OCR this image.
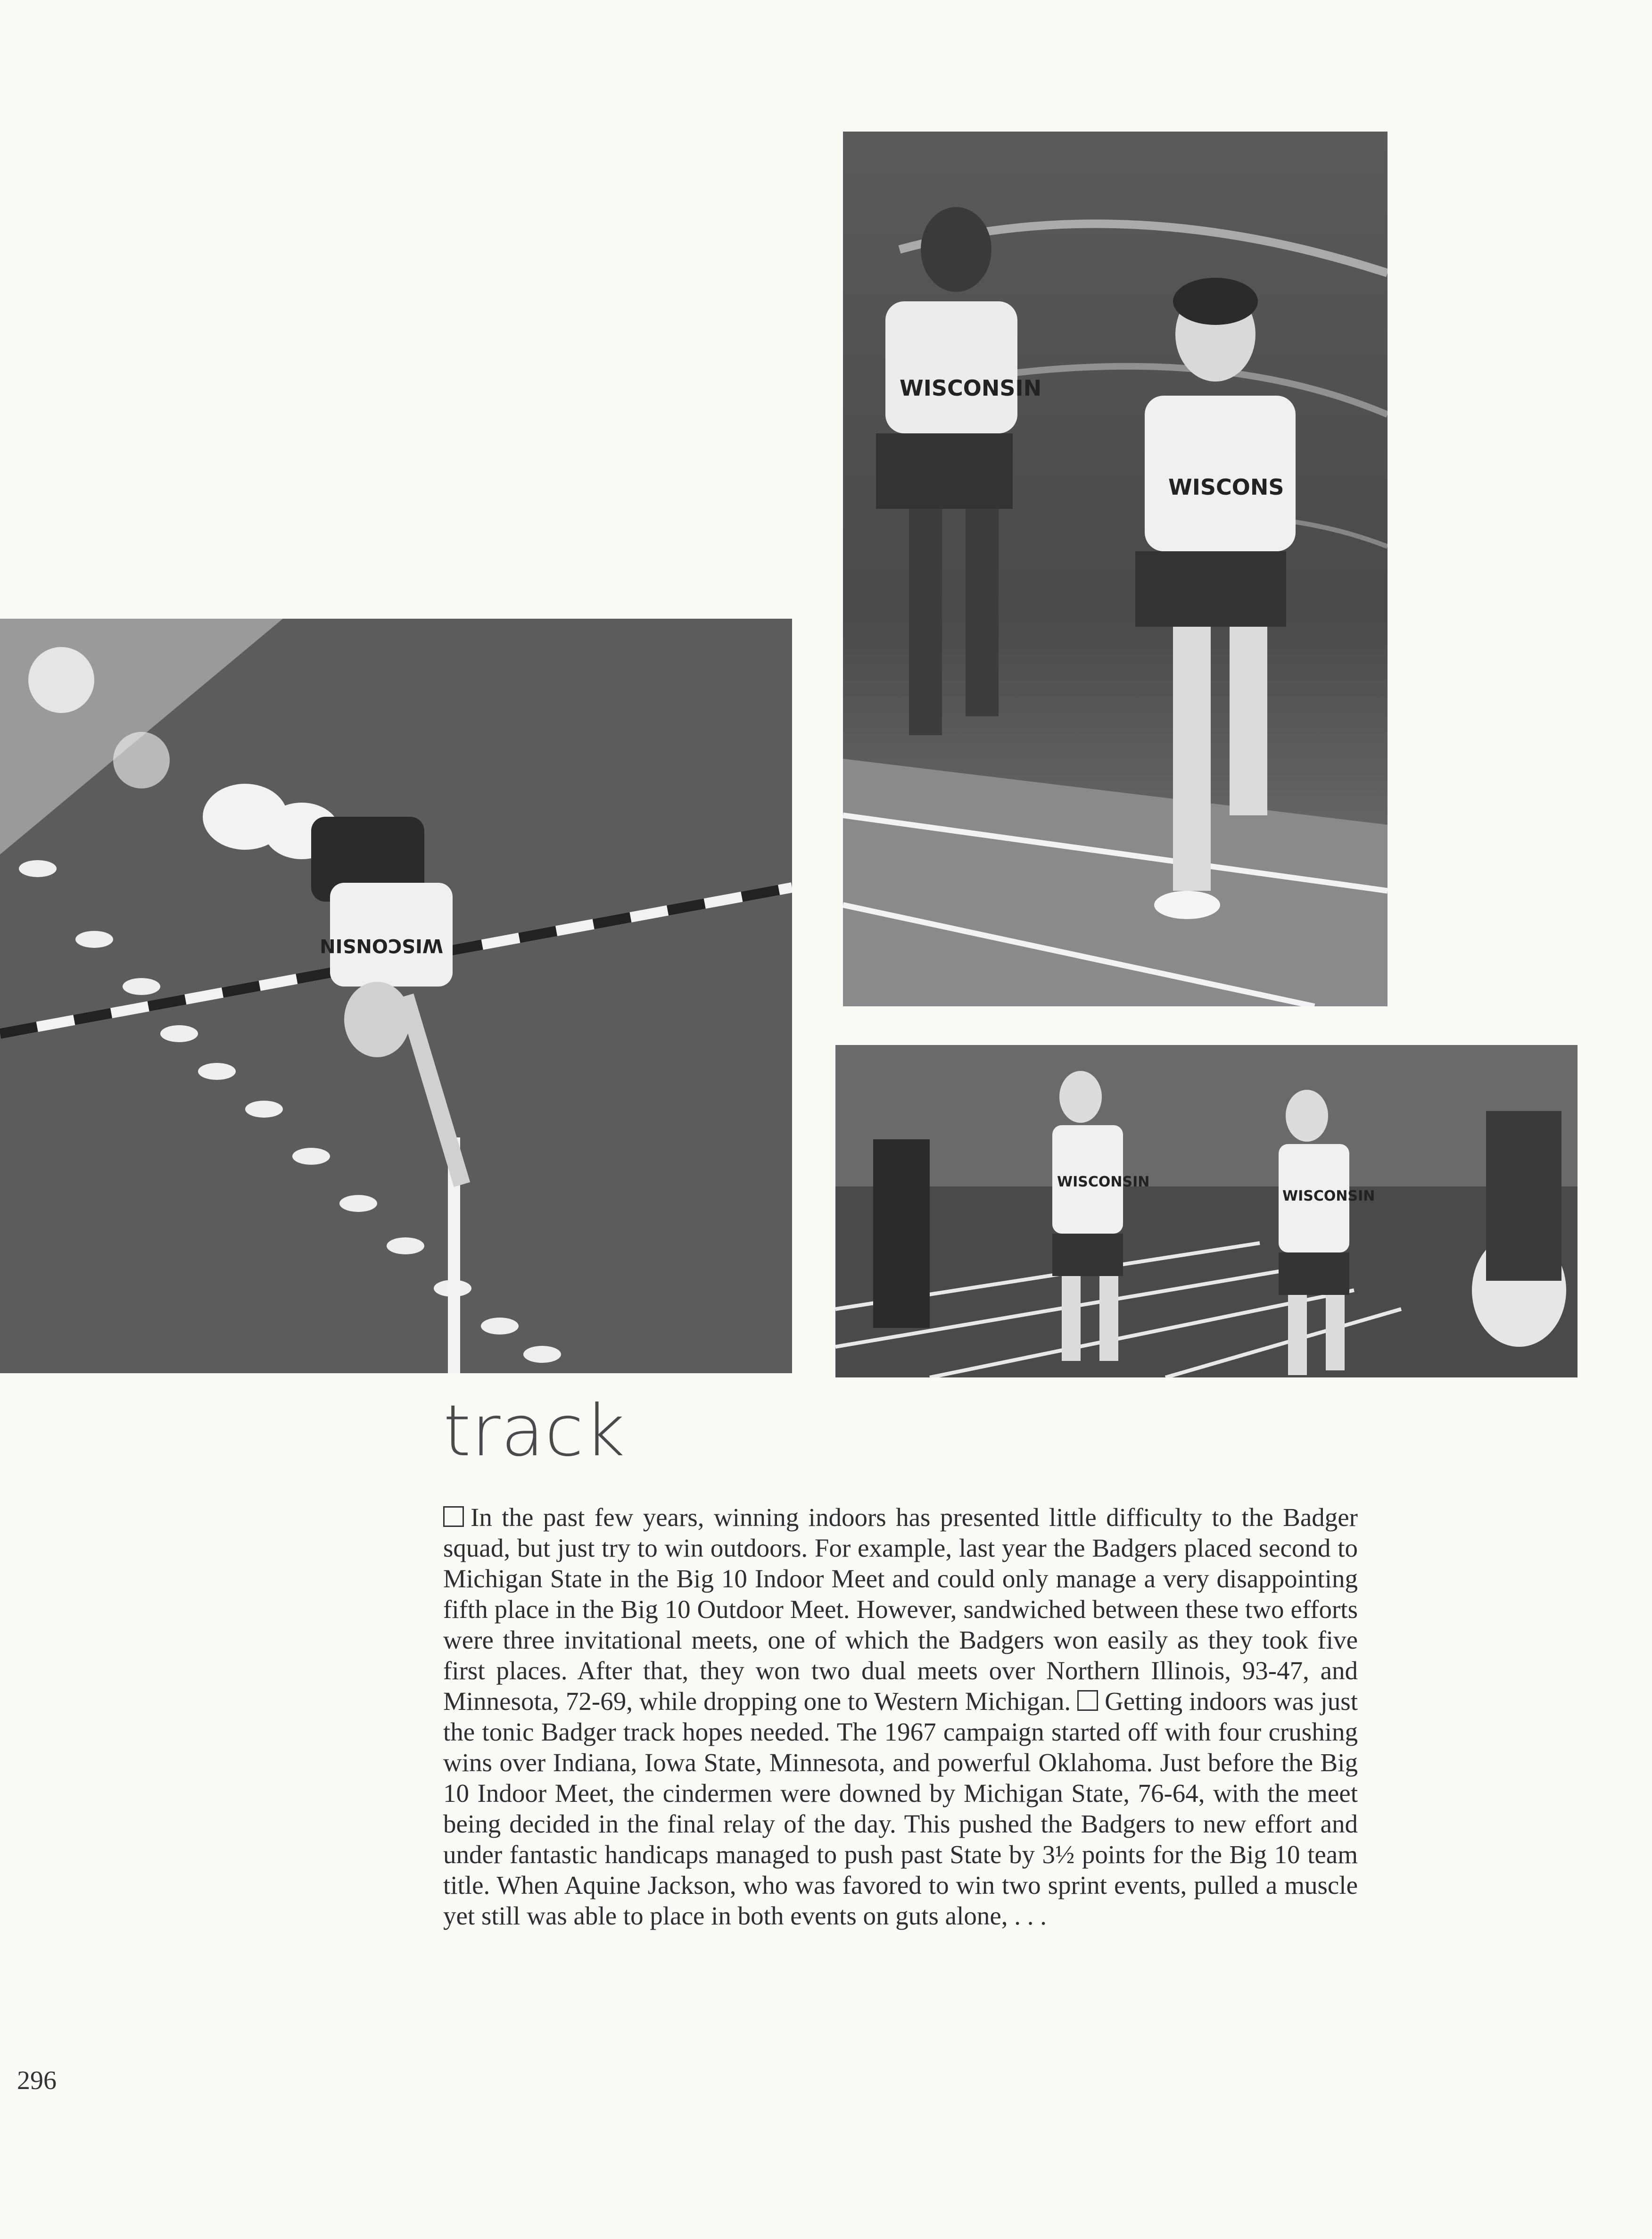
WISCONSIN
WISCONS
WISCONSIN
WISCONSIN
WISCONSIN
track
In the past few years, winning indoors has presented little difficulty to the Badger squad, but just try to win outdoors. For example, last year the Badgers placed second to Michigan State in the Big 10 Indoor Meet and could only manage a very disappointing fifth place in the Big 10 Outdoor Meet. However, sandwiched between these two efforts were three invitational meets, one of which the Badgers won easily as they took five first places. After that, they won two dual meets over Northern Illinois, 93-47, and Minnesota, 72-69, while dropping one to Western Michigan. Getting indoors was just the tonic Badger track hopes needed. The 1967 campaign started off with four crushing wins over Indiana, Iowa State, Minnesota, and powerful Oklahoma. Just before the Big 10 Indoor Meet, the cindermen were downed by Michigan State, 76-64, with the meet being decided in the final relay of the day. This pushed the Badgers to new effort and under fantastic handicaps managed to push past State by 3½ points for the Big 10 team title. When Aquine Jackson, who was favored to win two sprint events, pulled a muscle yet still was able to place in both events on guts alone, . . .
296
